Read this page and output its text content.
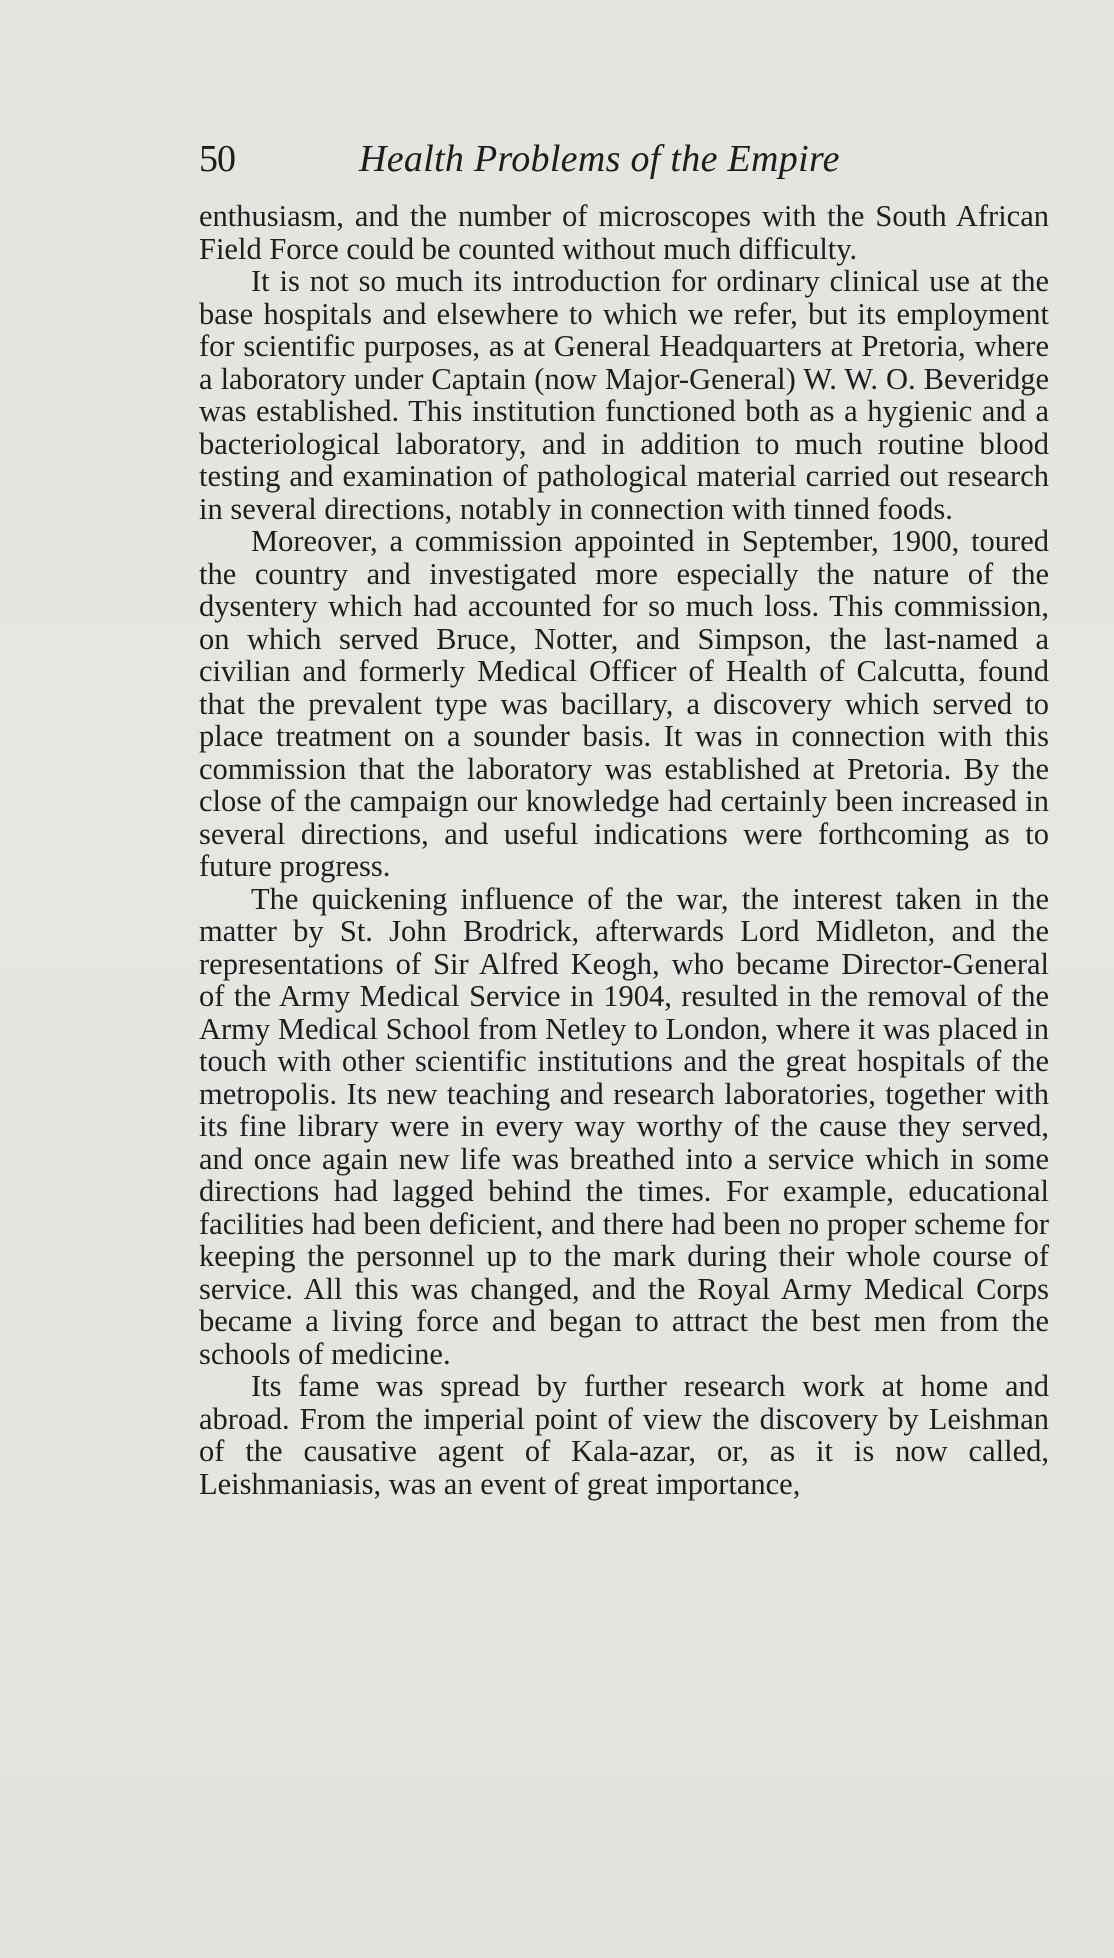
50	Health Problems of the Empire

enthusiasm, and the number of microscopes with the South African Field Force could be counted without much difficulty.

It is not so much its introduction for ordinary clinical use at the base hospitals and elsewhere to which we refer, but its employment for scientific purposes, as at General Headquarters at Pretoria, where a laboratory under Captain (now Major-General) W. W. O. Beveridge was established. This institution functioned both as a hygienic and a bacteriological laboratory, and in addition to much routine blood testing and examination of pathological material carried out research in several directions, notably in connection with tinned foods.

Moreover, a commission appointed in September, 1900, toured the country and investigated more especially the nature of the dysentery which had accounted for so much loss. This commission, on which served Bruce, Notter, and Simpson, the last-named a civilian and formerly Medical Officer of Health of Calcutta, found that the prevalent type was bacillary, a discovery which served to place treatment on a sounder basis. It was in connection with this commission that the laboratory was established at Pretoria. By the close of the campaign our knowledge had certainly been increased in several directions, and useful indications were forthcoming as to future progress.

The quickening influence of the war, the interest taken in the matter by St. John Brodrick, afterwards Lord Midleton, and the representations of Sir Alfred Keogh, who became Director-General of the Army Medical Service in 1904, resulted in the removal of the Army Medical School from Netley to London, where it was placed in touch with other scientific institutions and the great hospitals of the metropolis. Its new teaching and research laboratories, together with its fine library were in every way worthy of the cause they served, and once again new life was breathed into a service which in some directions had lagged behind the times. For example, educational facilities had been deficient, and there had been no proper scheme for keeping the personnel up to the mark during their whole course of service. All this was changed, and the Royal Army Medical Corps became a living force and began to attract the best men from the schools of medicine.

Its fame was spread by further research work at home and abroad. From the imperial point of view the discovery by Leishman of the causative agent of Kala-azar, or, as it is now called, Leishmaniasis, was an event of great importance,
